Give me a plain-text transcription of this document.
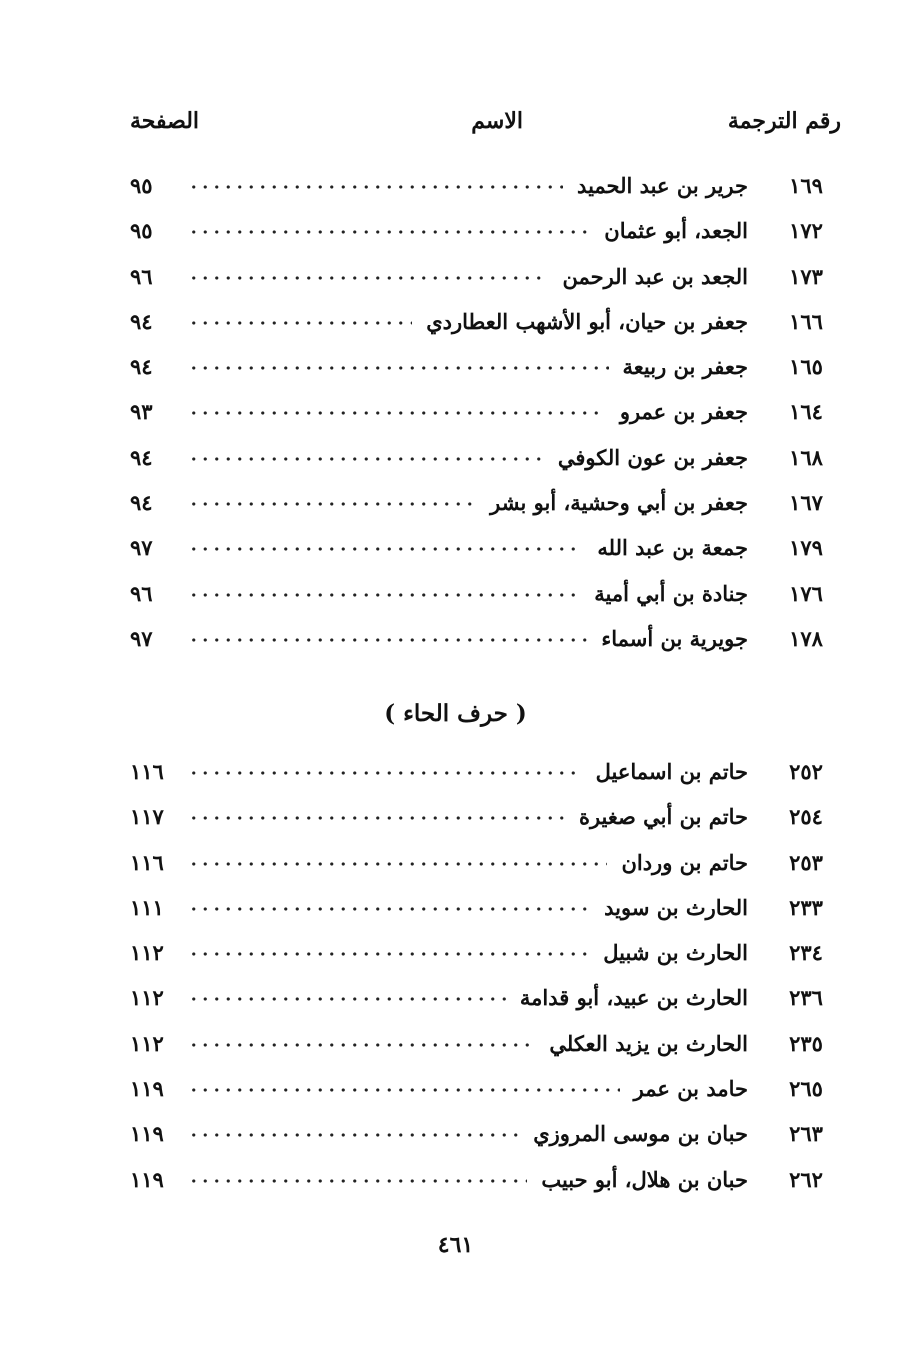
رقم الترجمة
الاسم
الصفحة
١٦٩
جرير بن عبد الحميد
٩٥
١٧٢
الجعد، أبو عثمان
٩٥
١٧٣
الجعد بن عبد الرحمن
٩٦
١٦٦
جعفر بن حيان، أبو الأشهب العطاردي
٩٤
١٦٥
جعفر بن ربيعة
٩٤
١٦٤
جعفر بن عمرو
٩٣
١٦٨
جعفر بن عون الكوفي
٩٤
١٦٧
جعفر بن أبي وحشية، أبو بشر
٩٤
١٧٩
جمعة بن عبد الله
٩٧
١٧٦
جنادة بن أبي أمية
٩٦
١٧٨
جويرية بن أسماء
٩٧
( حرف الحاء )
٢٥٢
حاتم بن اسماعيل
١١٦
٢٥٤
حاتم بن أبي صغيرة
١١٧
٢٥٣
حاتم بن وردان
١١٦
٢٣٣
الحارث بن سويد
١١١
٢٣٤
الحارث بن شبيل
١١٢
٢٣٦
الحارث بن عبيد، أبو قدامة
١١٢
٢٣٥
الحارث بن يزيد العكلي
١١٢
٢٦٥
حامد بن عمر
١١٩
٢٦٣
حبان بن موسى المروزي
١١٩
٢٦٢
حبان بن هلال، أبو حبيب
١١٩
٤٦١
